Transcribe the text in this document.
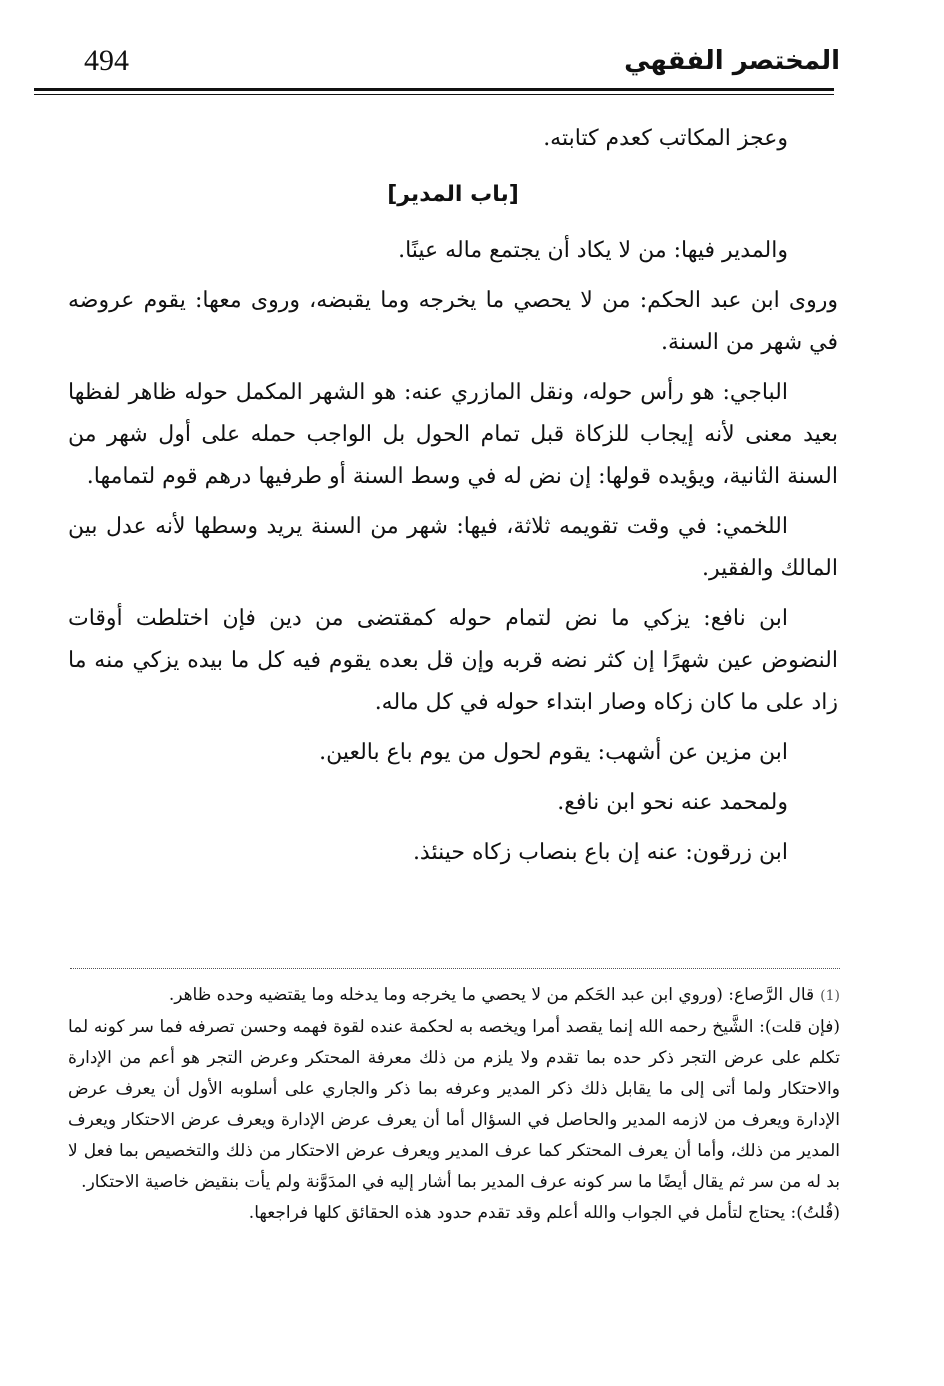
494	المختصر الفقهي

وعجز المكاتب كعدم كتابته.

[باب المدير]

والمدير فيها: من لا يكاد أن يجتمع ماله عينًا.

وروى ابن عبد الحكم: من لا يحصي ما يخرجه وما يقبضه، وروى معها: يقوم عروضه في شهر من السنة.

الباجي: هو رأس حوله، ونقل المازري عنه: هو الشهر المكمل حوله ظاهر لفظها بعيد معنى لأنه إيجاب للزكاة قبل تمام الحول بل الواجب حمله على أول شهر من السنة الثانية، ويؤيده قولها: إن نض له في وسط السنة أو طرفيها درهم قوم لتمامها.

اللخمي: في وقت تقويمه ثلاثة، فيها: شهر من السنة يريد وسطها لأنه عدل بين المالك والفقير.

ابن نافع: يزكي ما نض لتمام حوله كمقتضى من دين فإن اختلطت أوقات النضوض عين شهرًا إن كثر نضه قربه وإن قل بعده يقوم فيه كل ما بيده يزكي منه ما زاد على ما كان زكاه وصار ابتداء حوله في كل ماله.

ابن مزين عن أشهب: يقوم لحول من يوم باع بالعين.

ولمحمد عنه نحو ابن نافع.

ابن زرقون: عنه إن باع بنصاب زكاه حينئذ.

(1)قال الرَّصاع: (وروي ابن عبد الحَكم من لا يحصي ما يخرجه وما يدخله وما يقتضيه وحده ظاهر.

(فإن قلت): الشَّيخ رحمه الله إنما يقصد أمرا ويخصه به لحكمة عنده لقوة فهمه وحسن تصرفه فما سر كونه لما تكلم على عرض التجر ذكر حده بما تقدم ولا يلزم من ذلك معرفة المحتكر وعرض التجر هو أعم من الإدارة والاحتكار ولما أتى إلى ما يقابل ذلك ذكر المدير وعرفه بما ذكر والجاري على أسلوبه الأول أن يعرف عرض الإدارة ويعرف من لازمه المدير والحاصل في السؤال أما أن يعرف عرض الإدارة ويعرف عرض الاحتكار ويعرف المدير من ذلك، وأما أن يعرف المحتكر كما عرف المدير ويعرف عرض الاحتكار من ذلك والتخصيص بما فعل لا بد له من سر ثم يقال أيضًا ما سر كونه عرف المدير بما أشار إليه في المدَوَّنة ولم يأت بنقيض خاصية الاحتكار.

(قُلتُ): يحتاج لتأمل في الجواب والله أعلم وقد تقدم حدود هذه الحقائق كلها فراجعها.
